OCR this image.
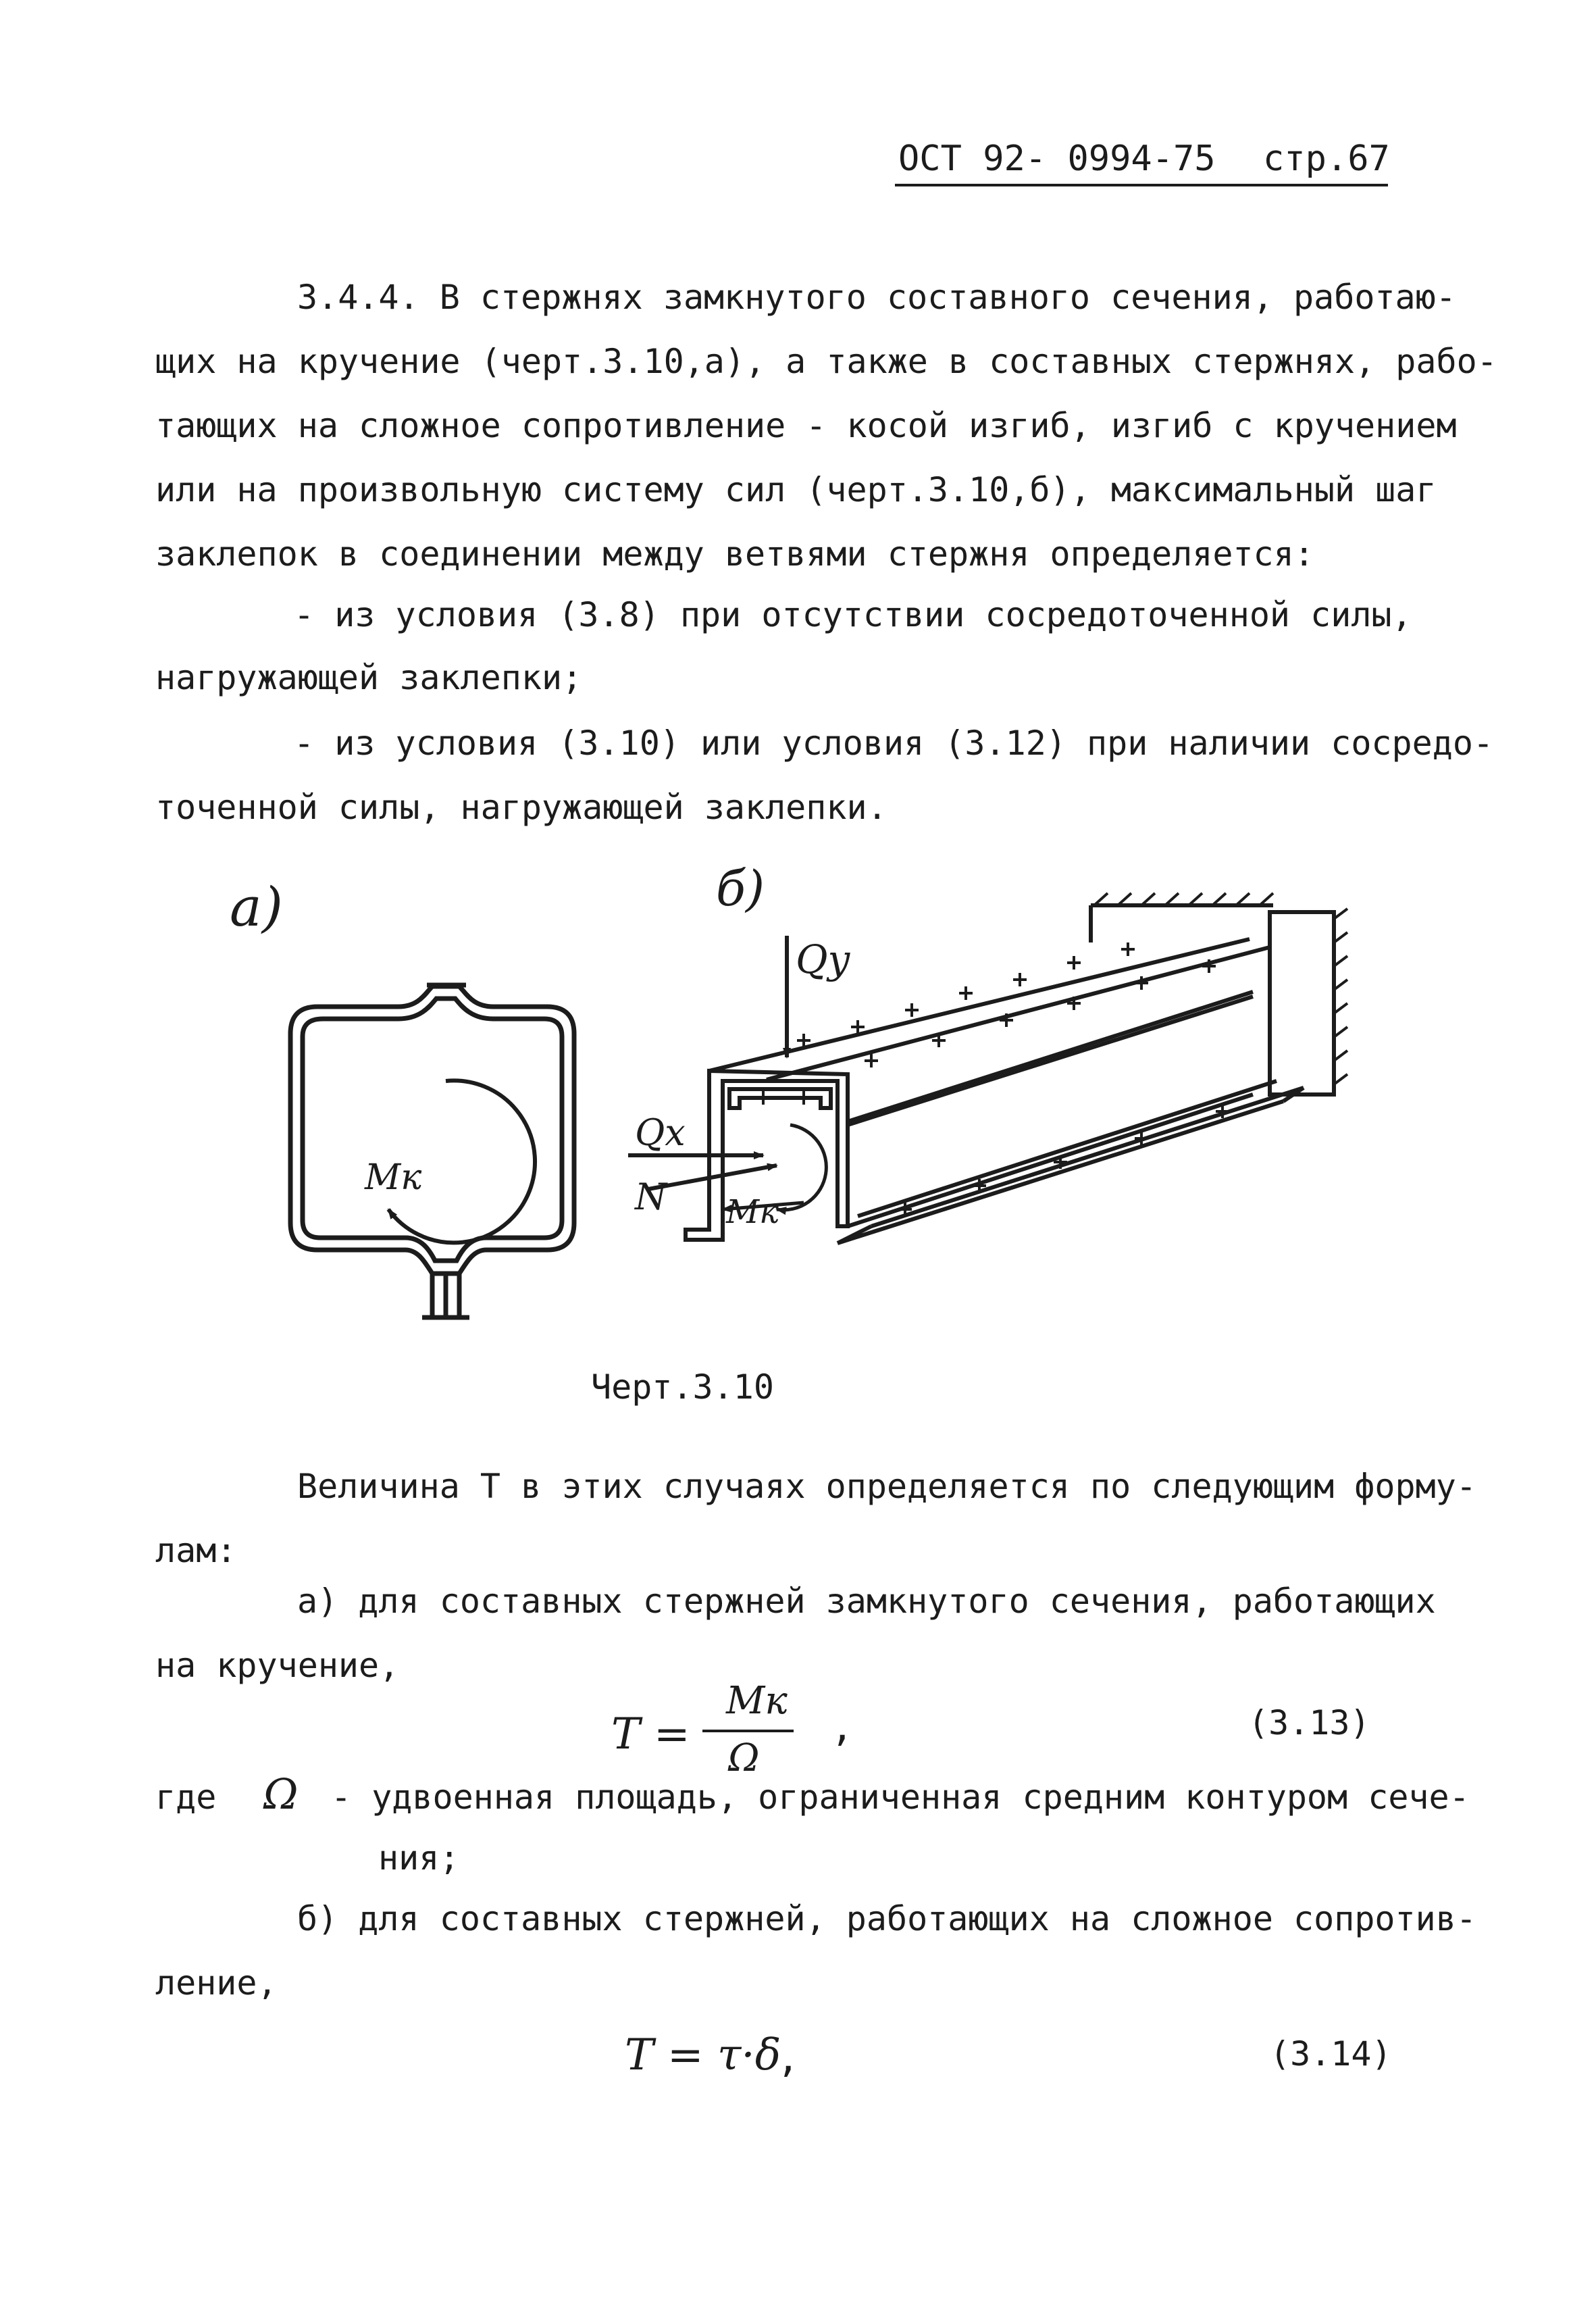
ОСТ 92- 0994-75 стр.67
3.4.4. В стержнях замкнутого составного сечения, работаю-
щих на кручение (черт.3.10,а), а также в составных стержнях, рабо-
тающих на сложное сопротивление - косой изгиб, изгиб с кручением
или на произвольную систему сил (черт.3.10,б), максимальный шаг
заклепок в соединении между ветвями стержня определяется:
- из условия (3.8) при отсутствии сосредоточенной силы,
нагружающей заклепки;
- из условия (3.10) или условия (3.12) при наличии сосредо-
точенной силы, нагружающей заклепки.
а)
Mк
б)
Qy
Qx
N Mк
Черт.3.10
Величина T в этих случаях определяется по следующим форму-
лам:
а) для составных стержней замкнутого сечения, работающих
на кручение,
T =
Mк
Ω
,	(3.13)
где Ω - удвоенная площадь, ограниченная средним контуром сече-
ния;
б) для составных стержней, работающих на сложное сопротив-
ление,
T = τ·δ
,	(3.14)
